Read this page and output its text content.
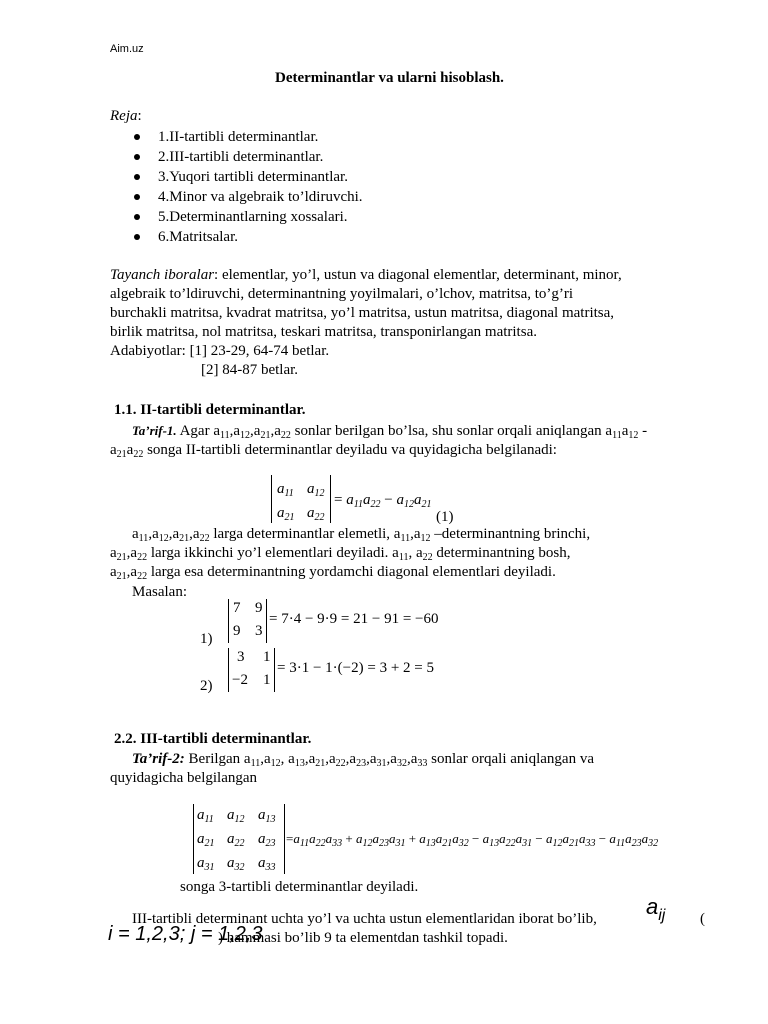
Aim.uz
Determinantlar va ularni hisoblash.
Reja:
1.II-tartibli determinantlar.
2.III-tartibli determinantlar.
3.Yuqori tartibli determinantlar.
4.Minor va algebraik to’ldiruvchi.
5.Determinantlarning xossalari.
6.Matritsalar.
Tayanch iboralar: elementlar, yo’l, ustun va diagonal elementlar, determinant, minor,
algebraik to’ldiruvchi, determinantning yoyilmalari, o’lchov, matritsa, to’g’ri
burchakli matritsa, kvadrat matritsa, yo’l matritsa, ustun matritsa, diagonal matritsa,
birlik matritsa, nol matritsa, teskari matritsa, transponirlangan matritsa.
Adabiyotlar: [1] 23-29, 64-74 betlar.
[2] 84-87 betlar.
1.1. II-tartibli determinantlar.
Ta’rif-1. Agar $a_{11},a_{12},a_{21},a_{22}$ sonlar berilgan bo’lsa, shu sonlar orqali aniqlangan $a_{11}a_{12}$ -
$a_{21}a_{22}$ songa II-tartibli determinantlar deyiladu va quyidagicha belgilanadi:
$a_{11}$ $a_{12}$
$a_{21}$ $a_{22}$
= $a_{11}a_{22} - a_{12}a_{21}$
(1)
$a_{11},a_{12},a_{21},a_{22}$ larga determinantlar elemetli, $a_{11},a_{12}$ –determinantning brinchi,
$a_{21},a_{22}$ larga ikkinchi yo’l elementlari deyiladi. $a_{11}$, $a_{22}$ determinantning bosh,
$a_{21},a_{22}$ larga esa determinantning yordamchi diagonal elementlari deyiladi.
Masalan:
1)
7 9
9 3
= 7·4 − 9·9 = 21 − 91 = −60
2)
3 1
−2 1
= 3·1 − 1·(−2) = 3 + 2 = 5
2.2. III-tartibli determinantlar.
Ta’rif-2: Berilgan $a_{11},a_{12}$, $a_{13},a_{21},a_{22},a_{23},a_{31},a_{32},a_{33}$ sonlar orqali aniqlangan va
quyidagicha belgilangan
$a_{11}$ $a_{12}$ $a_{13}$
$a_{21}$ $a_{22}$ $a_{23}$
$a_{31}$ $a_{32}$ $a_{33}$
$=a_{11}a_{22}a_{33} + a_{12}a_{23}a_{31} + a_{13}a_{21}a_{32} - a_{13}a_{22}a_{31} - a_{12}a_{21}a_{33} - a_{11}a_{23}a_{32}$
songa 3-tartibli determinantlar deyiladi.
III-tartibli determinant uchta yo’l va uchta ustun elementlaridan iborat bo’lib, $a_{ij}$ (
i = 1,2,3; j = 1,2,3
) hammasi bo’lib 9 ta elementdan tashkil topadi.
